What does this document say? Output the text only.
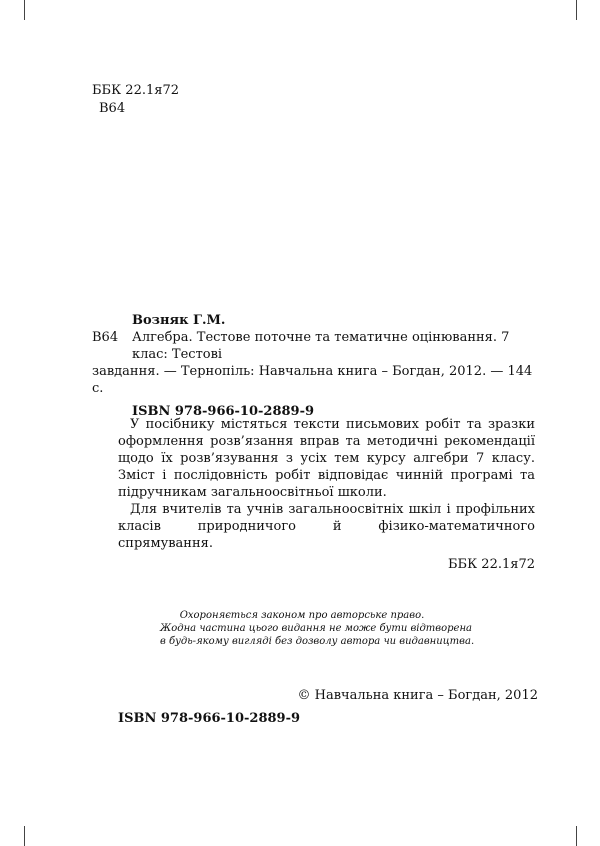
ББК 22.1я72
В64
Возняк Г.М.
В64	Алгебра. Тестове поточне та тематичне оцінювання. 7 клас: Тестові
завдання. — Тернопіль: Навчальна книга – Богдан, 2012. — 144 с.
ISBN 978-966-10-2889-9

У посібнику містяться тексти письмових робіт та зразки оформлення розв’язання вправ та методичні рекомендації щодо їх розв’язування з усіх тем курсу алгебри 7 класу. Зміст і послідовність робіт відповідає чинній програмі та підручникам загальноосвітньої школи.

Для вчителів та учнів загальноосвітніх шкіл і профільних класів природничого й фізико-математичного спрямування.

ББК 22.1я72
Охороняється законом про авторське право.
Жодна частина цього видання не може бути відтворена
в будь-якому вигляді без дозволу автора чи видавництва.
© Навчальна книга – Богдан, 2012
ISBN 978-966-10-2889-9
